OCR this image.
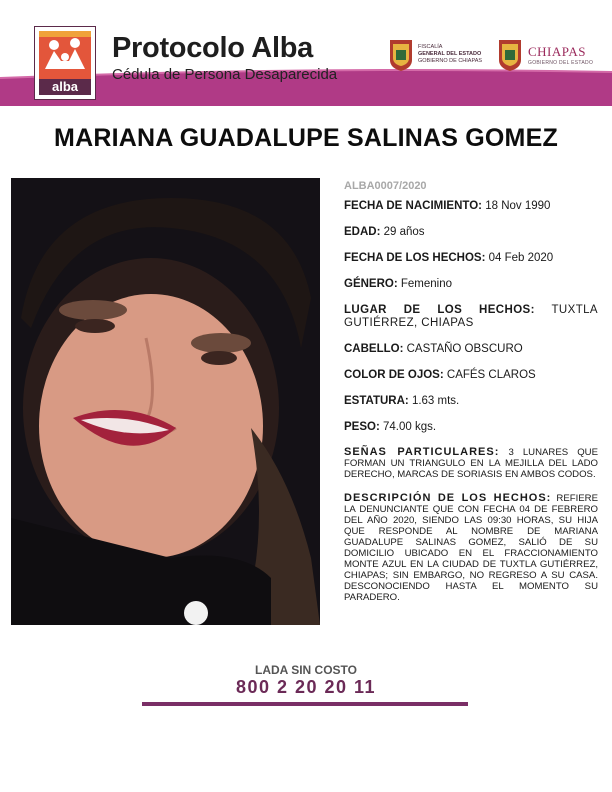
alba
Protocolo Alba
Cédula de Persona Desaparecida
FISCALÍA
GENERAL DEL ESTADO
GOBIERNO DE CHIAPAS
CHIAPAS
GOBIERNO DEL ESTADO
MARIANA GUADALUPE SALINAS GOMEZ
ALBA0007/2020
FECHA DE NACIMIENTO: 18 Nov 1990
EDAD: 29 años
FECHA DE LOS HECHOS: 04 Feb 2020
GÉNERO: Femenino
LUGAR DE LOS HECHOS: TUXTLA GUTIÉRREZ, CHIAPAS
CABELLO: CASTAÑO OBSCURO
COLOR DE OJOS: CAFÉS CLAROS
ESTATURA: 1.63 mts.
PESO: 74.00 kgs.
SEÑAS PARTICULARES: 3 LUNARES QUE FORMAN UN TRIANGULO EN LA MEJILLA DEL LADO DERECHO, MARCAS DE SORIASIS EN AMBOS CODOS.
DESCRIPCIÓN DE LOS HECHOS: REFIERE LA DENUNCIANTE QUE CON FECHA 04 DE FEBRERO DEL AÑO 2020, SIENDO LAS 09:30 HORAS, SU HIJA QUE RESPONDE AL NOMBRE DE MARIANA GUADALUPE SALINAS GOMEZ, SALIÓ DE SU DOMICILIO UBICADO EN EL FRACCIONAMIENTO MONTE AZUL EN LA CIUDAD DE TUXTLA GUTIÉRREZ, CHIAPAS; SIN EMBARGO, NO REGRESO A SU CASA. DESCONOCIENDO HASTA EL MOMENTO SU PARADERO.
LADA SIN COSTO
800 2 20 20 11
